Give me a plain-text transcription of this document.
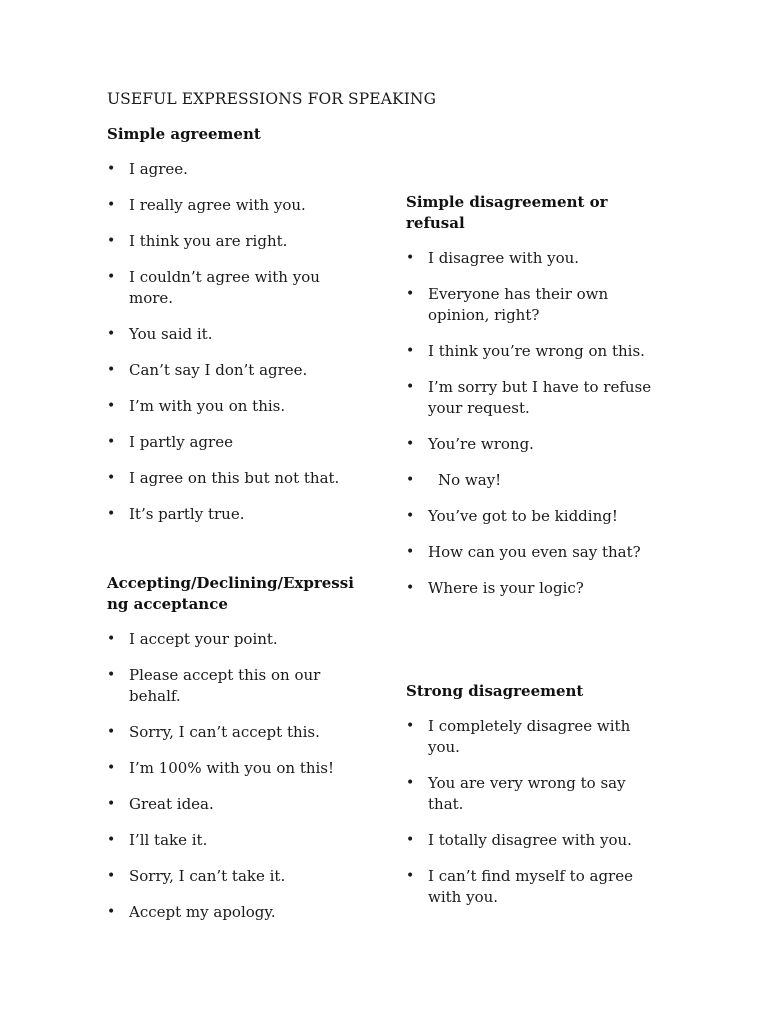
USEFUL EXPRESSIONS FOR SPEAKING
Simple agreement
• I agree.
• I really agree with you.
• I think you are right.
• I couldn’t agree with you more.
• You said it.
• Can’t say I don’t agree.
• I’m with you on this.
• I partly agree
• I agree on this but not that.
• It’s partly true.
Accepting/Declining/Expressing acceptance
• I accept your point.
• Please accept this on our behalf.
• Sorry, I can’t accept this.
• I’m 100% with you on this!
• Great idea.
• I’ll take it.
• Sorry, I can’t take it.
• Accept my apology.
Simple disagreement or refusal
• I disagree with you.
• Everyone has their own opinion, right?
• I think you’re wrong on this.
• I’m sorry but I have to refuse your request.
• You’re wrong.
• No way!
• You’ve got to be kidding!
• How can you even say that?
• Where is your logic?
Strong disagreement
• I completely disagree with you.
• You are very wrong to say that.
• I totally disagree with you.
• I can’t find myself to agree with you.
